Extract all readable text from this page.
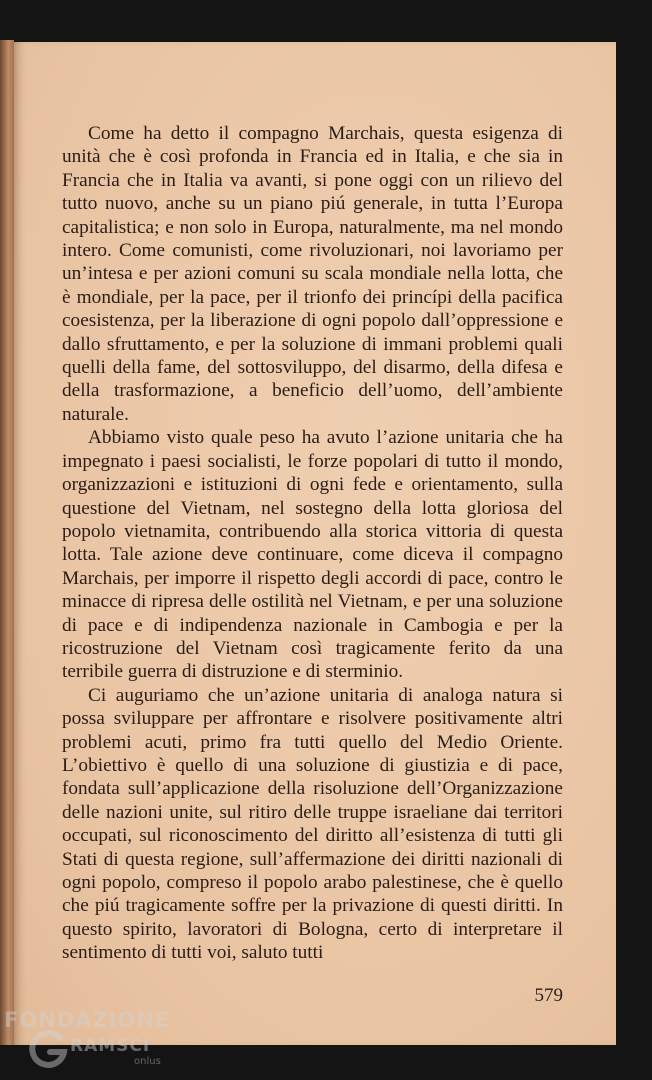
Come ha detto il compagno Marchais, questa esigenza di unità che è così profonda in Francia ed in Italia, e che sia in Francia che in Italia va avanti, si pone oggi con un rilievo del tutto nuovo, anche su un piano piú generale, in tutta l’Europa capitalistica; e non solo in Europa, naturalmente, ma nel mondo intero. Come comunisti, come rivoluzionari, noi lavoriamo per un’intesa e per azioni comuni su scala mondiale nella lotta, che è mondiale, per la pace, per il trionfo dei princípi della pacifica coesistenza, per la liberazione di ogni popolo dall’oppressione e dallo sfruttamento, e per la soluzione di immani problemi quali quelli della fame, del sottosviluppo, del disarmo, della difesa e della trasformazione, a beneficio dell’uomo, dell’ambiente naturale.

Abbiamo visto quale peso ha avuto l’azione unitaria che ha impegnato i paesi socialisti, le forze popolari di tutto il mondo, organizzazioni e istituzioni di ogni fede e orientamento, sulla questione del Vietnam, nel sostegno della lotta gloriosa del popolo vietnamita, contribuendo alla storica vittoria di questa lotta. Tale azione deve continuare, come diceva il compagno Marchais, per imporre il rispetto degli accordi di pace, contro le minacce di ripresa delle ostilità nel Vietnam, e per una soluzione di pace e di indipendenza nazionale in Cambogia e per la ricostruzione del Vietnam così tragicamente ferito da una terribile guerra di distruzione e di sterminio.

Ci auguriamo che un’azione unitaria di analoga natura si possa sviluppare per affrontare e risolvere positivamente altri problemi acuti, primo fra tutti quello del Medio Oriente. L’obiettivo è quello di una soluzione di giustizia e di pace, fondata sull’applicazione della risoluzione dell’Organizzazione delle nazioni unite, sul ritiro delle truppe israeliane dai territori occupati, sul riconoscimento del diritto all’esistenza di tutti gli Stati di questa regione, sull’affermazione dei diritti nazionali di ogni popolo, compreso il popolo arabo palestinese, che è quello che piú tragicamente soffre per la privazione di questi diritti. In questo spirito, lavoratori di Bologna, certo di interpretare il sentimento di tutti voi, saluto tutti

579
FONDAZIONE
RAMSCI
onlus
